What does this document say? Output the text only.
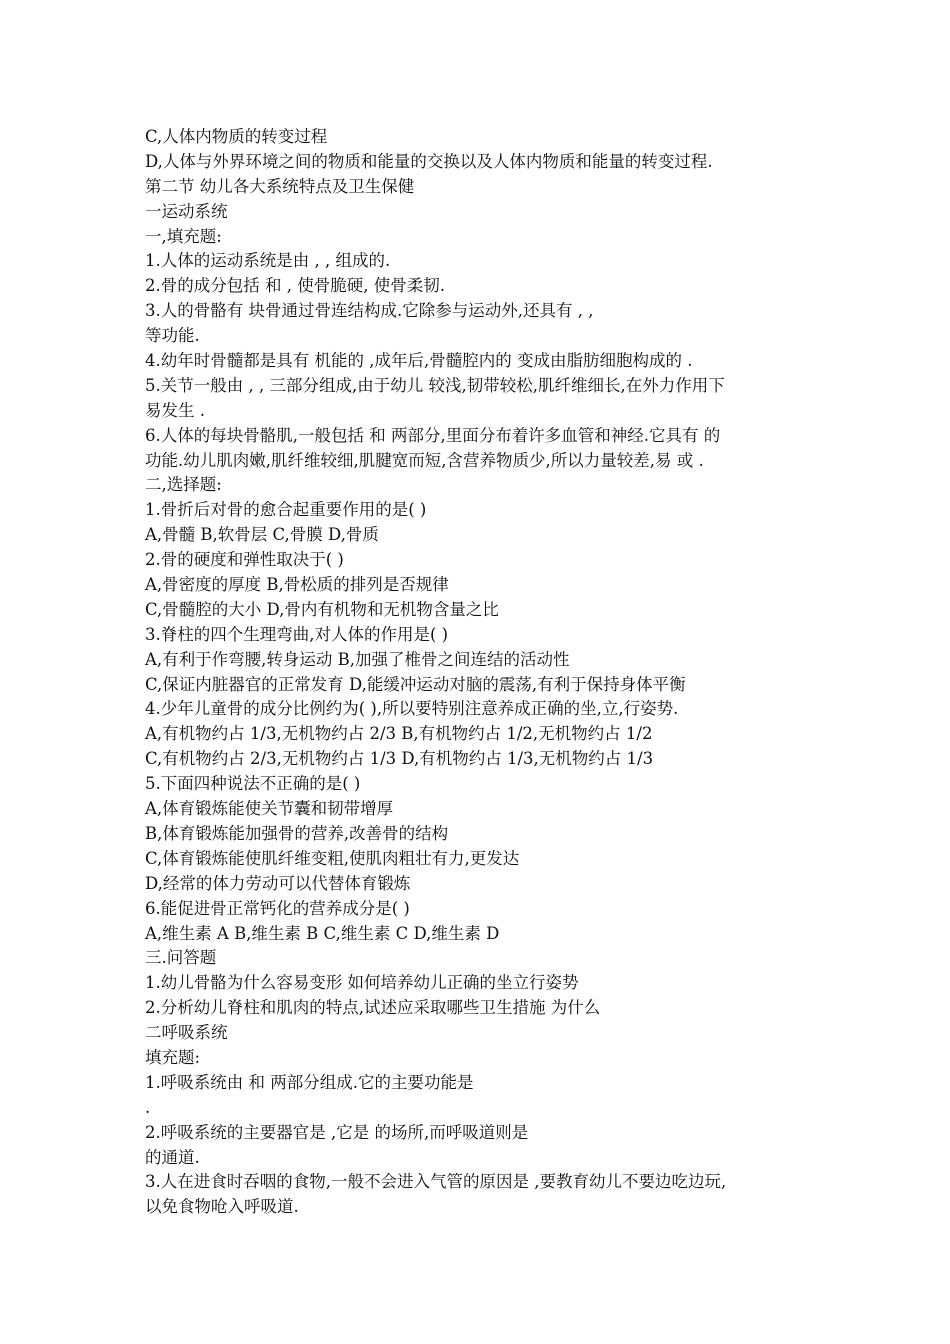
C,人体内物质的转变过程
D,人体与外界环境之间的物质和能量的交换以及人体内物质和能量的转变过程.
第二节 幼儿各大系统特点及卫生保健
一运动系统
一,填充题:
1.人体的运动系统是由 , , 组成的.
2.骨的成分包括 和 , 使骨脆硬, 使骨柔韧.
3.人的骨骼有 块骨通过骨连结构成.它除参与运动外,还具有 , ,
等功能.
4.幼年时骨髓都是具有 机能的 ,成年后,骨髓腔内的 变成由脂肪细胞构成的 .
5.关节一般由 , , 三部分组成,由于幼儿 较浅,韧带较松,肌纤维细长,在外力作用下
易发生 .
6.人体的每块骨骼肌,一般包括 和 两部分,里面分布着许多血管和神经.它具有 的
功能.幼儿肌肉嫩,肌纤维较细,肌腱宽而短,含营养物质少,所以力量较差,易 或 .
二,选择题:
1.骨折后对骨的愈合起重要作用的是( )
A,骨髓 B,软骨层 C,骨膜 D,骨质
2.骨的硬度和弹性取决于( )
A,骨密度的厚度 B,骨松质的排列是否规律
C,骨髓腔的大小 D,骨内有机物和无机物含量之比
3.脊柱的四个生理弯曲,对人体的作用是( )
A,有利于作弯腰,转身运动 B,加强了椎骨之间连结的活动性
C,保证内脏器官的正常发育 D,能缓冲运动对脑的震荡,有利于保持身体平衡
4.少年儿童骨的成分比例约为( ),所以要特别注意养成正确的坐,立,行姿势.
A,有机物约占 1/3,无机物约占 2/3 B,有机物约占 1/2,无机物约占 1/2
C,有机物约占 2/3,无机物约占 1/3 D,有机物约占 1/3,无机物约占 1/3
5.下面四种说法不正确的是( )
A,体育锻炼能使关节囊和韧带增厚
B,体育锻炼能加强骨的营养,改善骨的结构
C,体育锻炼能使肌纤维变粗,使肌肉粗壮有力,更发达
D,经常的体力劳动可以代替体育锻炼
6.能促进骨正常钙化的营养成分是( )
A,维生素 A B,维生素 B C,维生素 C D,维生素 D
三.问答题
1.幼儿骨骼为什么容易变形 如何培养幼儿正确的坐立行姿势
2.分析幼儿脊柱和肌肉的特点,试述应采取哪些卫生措施 为什么
二呼吸系统
填充题:
1.呼吸系统由 和 两部分组成.它的主要功能是
.
2.呼吸系统的主要器官是 ,它是 的场所,而呼吸道则是
的通道.
3.人在进食时吞咽的食物,一般不会进入气管的原因是 ,要教育幼儿不要边吃边玩,
以免食物呛入呼吸道.
